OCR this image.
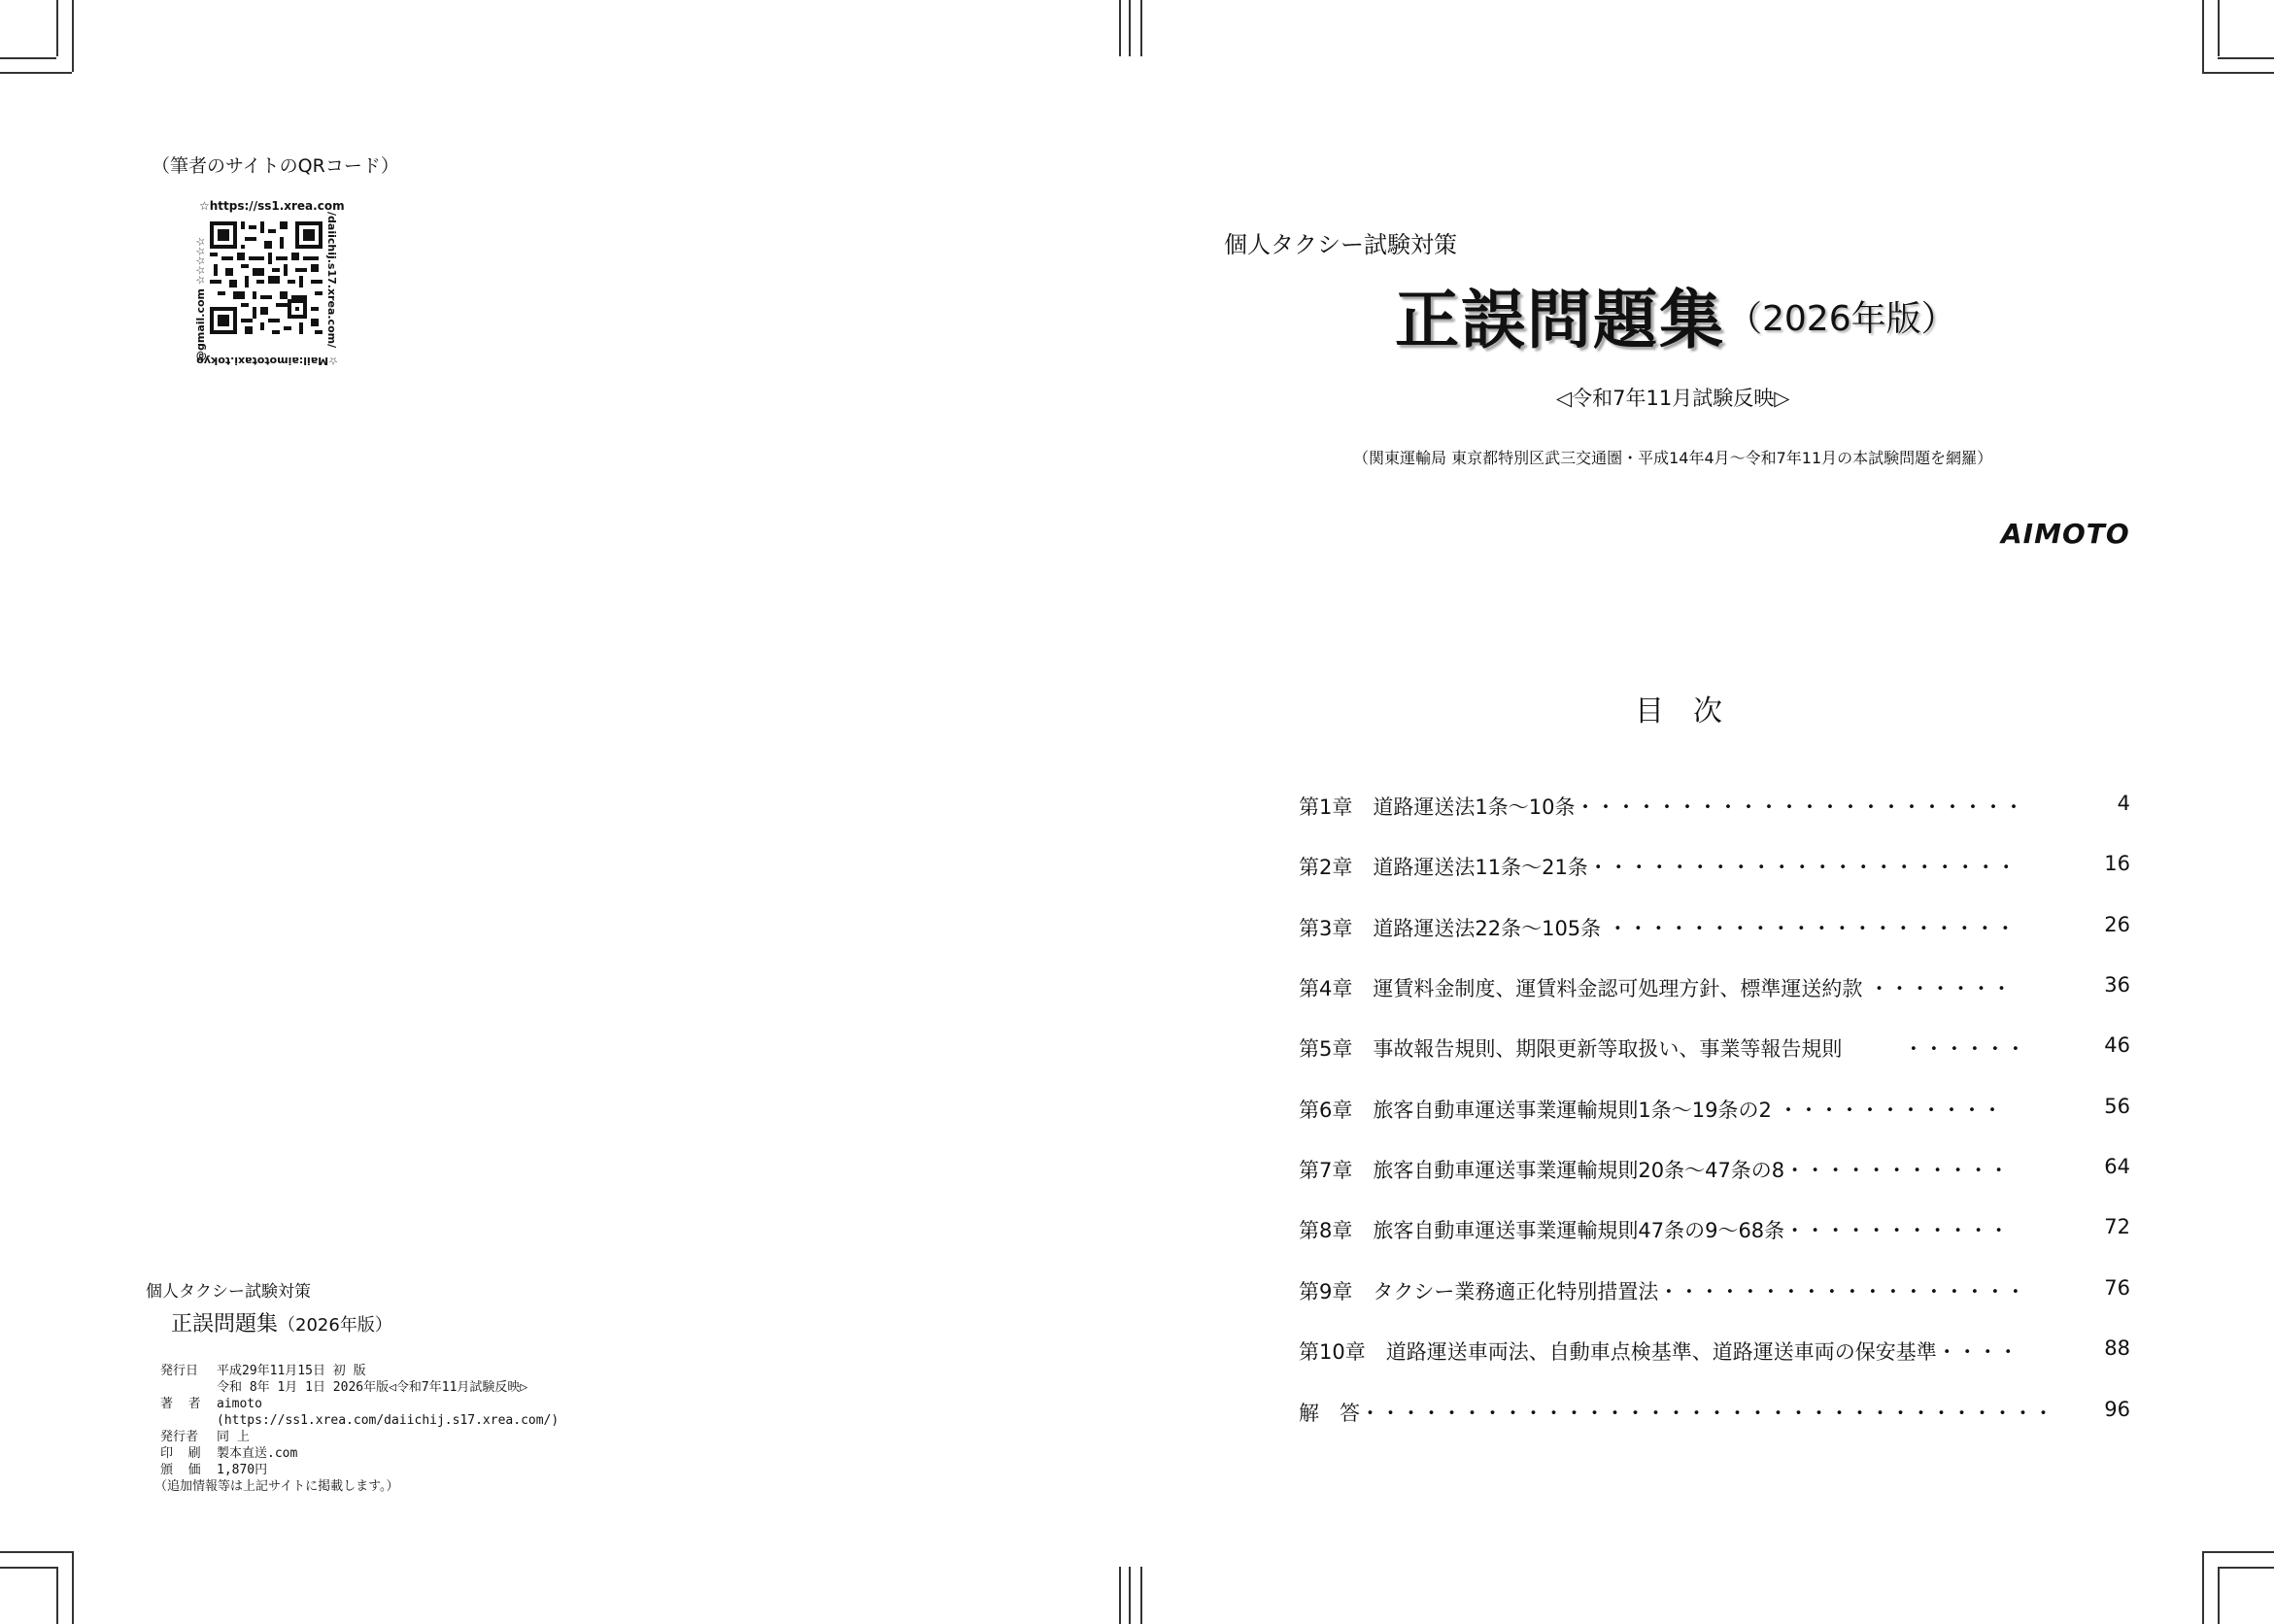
（筆者のサイトのQRコード）
☆https://ss1.xrea.com
/daiichij.s17.xrea.com/
@gmail.com ☆☆☆☆☆
☆Mail:aimototaxi.tokyo
個人タクシー試験対策
正誤問題集（2026年版）
発行日	平成29年11月15日 初 版
令和 8年 1月 1日 2026年版◁令和7年11月試験反映▷
著  者	aimoto
(https://ss1.xrea.com/daiichij.s17.xrea.com/)
発行者	同 上
印  刷	製本直送.com
頒  価	1,870円
（追加情報等は上記サイトに掲載します。）
個人タクシー試験対策
正誤問題集 （2026年版）
◁令和7年11月試験反映▷
（関東運輸局 東京都特別区武三交通圏・平成14年4月～令和7年11月の本試験問題を網羅）
AIMOTO
目次
第1章　道路運送法1条～10条・・・・・・・・・・・・・・・・・・・・・・	4
第2章　道路運送法11条～21条・・・・・・・・・・・・・・・・・・・・・	16
第3章　道路運送法22条～105条 ・・・・・・・・・・・・・・・・・・・・	26
第4章　運賃料金制度、運賃料金認可処理方針、標準運送約款 ・・・・・・・	36
第5章　事故報告規則、期限更新等取扱い、事業等報告規則　　　・・・・・・	46
第6章　旅客自動車運送事業運輸規則1条～19条の2 ・・・・・・・・・・・	56
第7章　旅客自動車運送事業運輸規則20条～47条の8・・・・・・・・・・・	64
第8章　旅客自動車運送事業運輸規則47条の9～68条・・・・・・・・・・・	72
第9章　タクシー業務適正化特別措置法・・・・・・・・・・・・・・・・・・	76
第10章　道路運送車両法、自動車点検基準、道路運送車両の保安基準・・・・	88
解　答・・・・・・・・・・・・・・・・・・・・・・・・・・・・・・・・・・ 96
